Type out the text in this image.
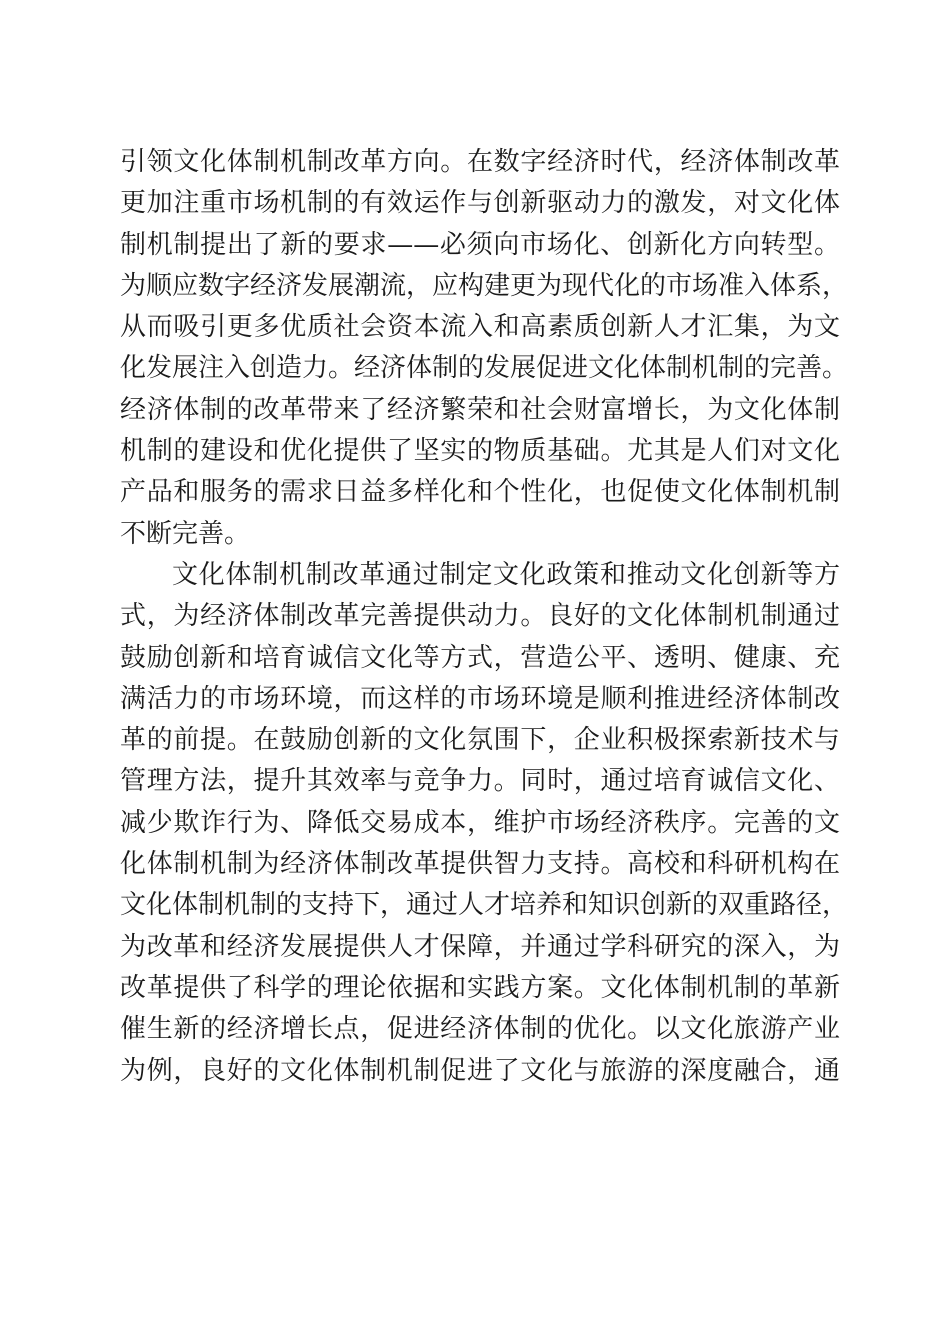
引领文化体制机制改革方向。在数字经济时代，经济体制改革
更加注重市场机制的有效运作与创新驱动力的激发，对文化体
制机制提出了新的要求——必须向市场化、创新化方向转型。
为顺应数字经济发展潮流，应构建更为现代化的市场准入体系，
从而吸引更多优质社会资本流入和高素质创新人才汇集，为文
化发展注入创造力。经济体制的发展促进文化体制机制的完善。
经济体制的改革带来了经济繁荣和社会财富增长，为文化体制
机制的建设和优化提供了坚实的物质基础。尤其是人们对文化
产品和服务的需求日益多样化和个性化，也促使文化体制机制
不断完善。
文化体制机制改革通过制定文化政策和推动文化创新等方
式，为经济体制改革完善提供动力。良好的文化体制机制通过
鼓励创新和培育诚信文化等方式，营造公平、透明、健康、充
满活力的市场环境，而这样的市场环境是顺利推进经济体制改
革的前提。在鼓励创新的文化氛围下，企业积极探索新技术与
管理方法，提升其效率与竞争力。同时，通过培育诚信文化、
减少欺诈行为、降低交易成本，维护市场经济秩序。完善的文
化体制机制为经济体制改革提供智力支持。高校和科研机构在
文化体制机制的支持下，通过人才培养和知识创新的双重路径，
为改革和经济发展提供人才保障，并通过学科研究的深入，为
改革提供了科学的理论依据和实践方案。文化体制机制的革新
催生新的经济增长点，促进经济体制的优化。以文化旅游产业
为例，良好的文化体制机制促进了文化与旅游的深度融合，通
